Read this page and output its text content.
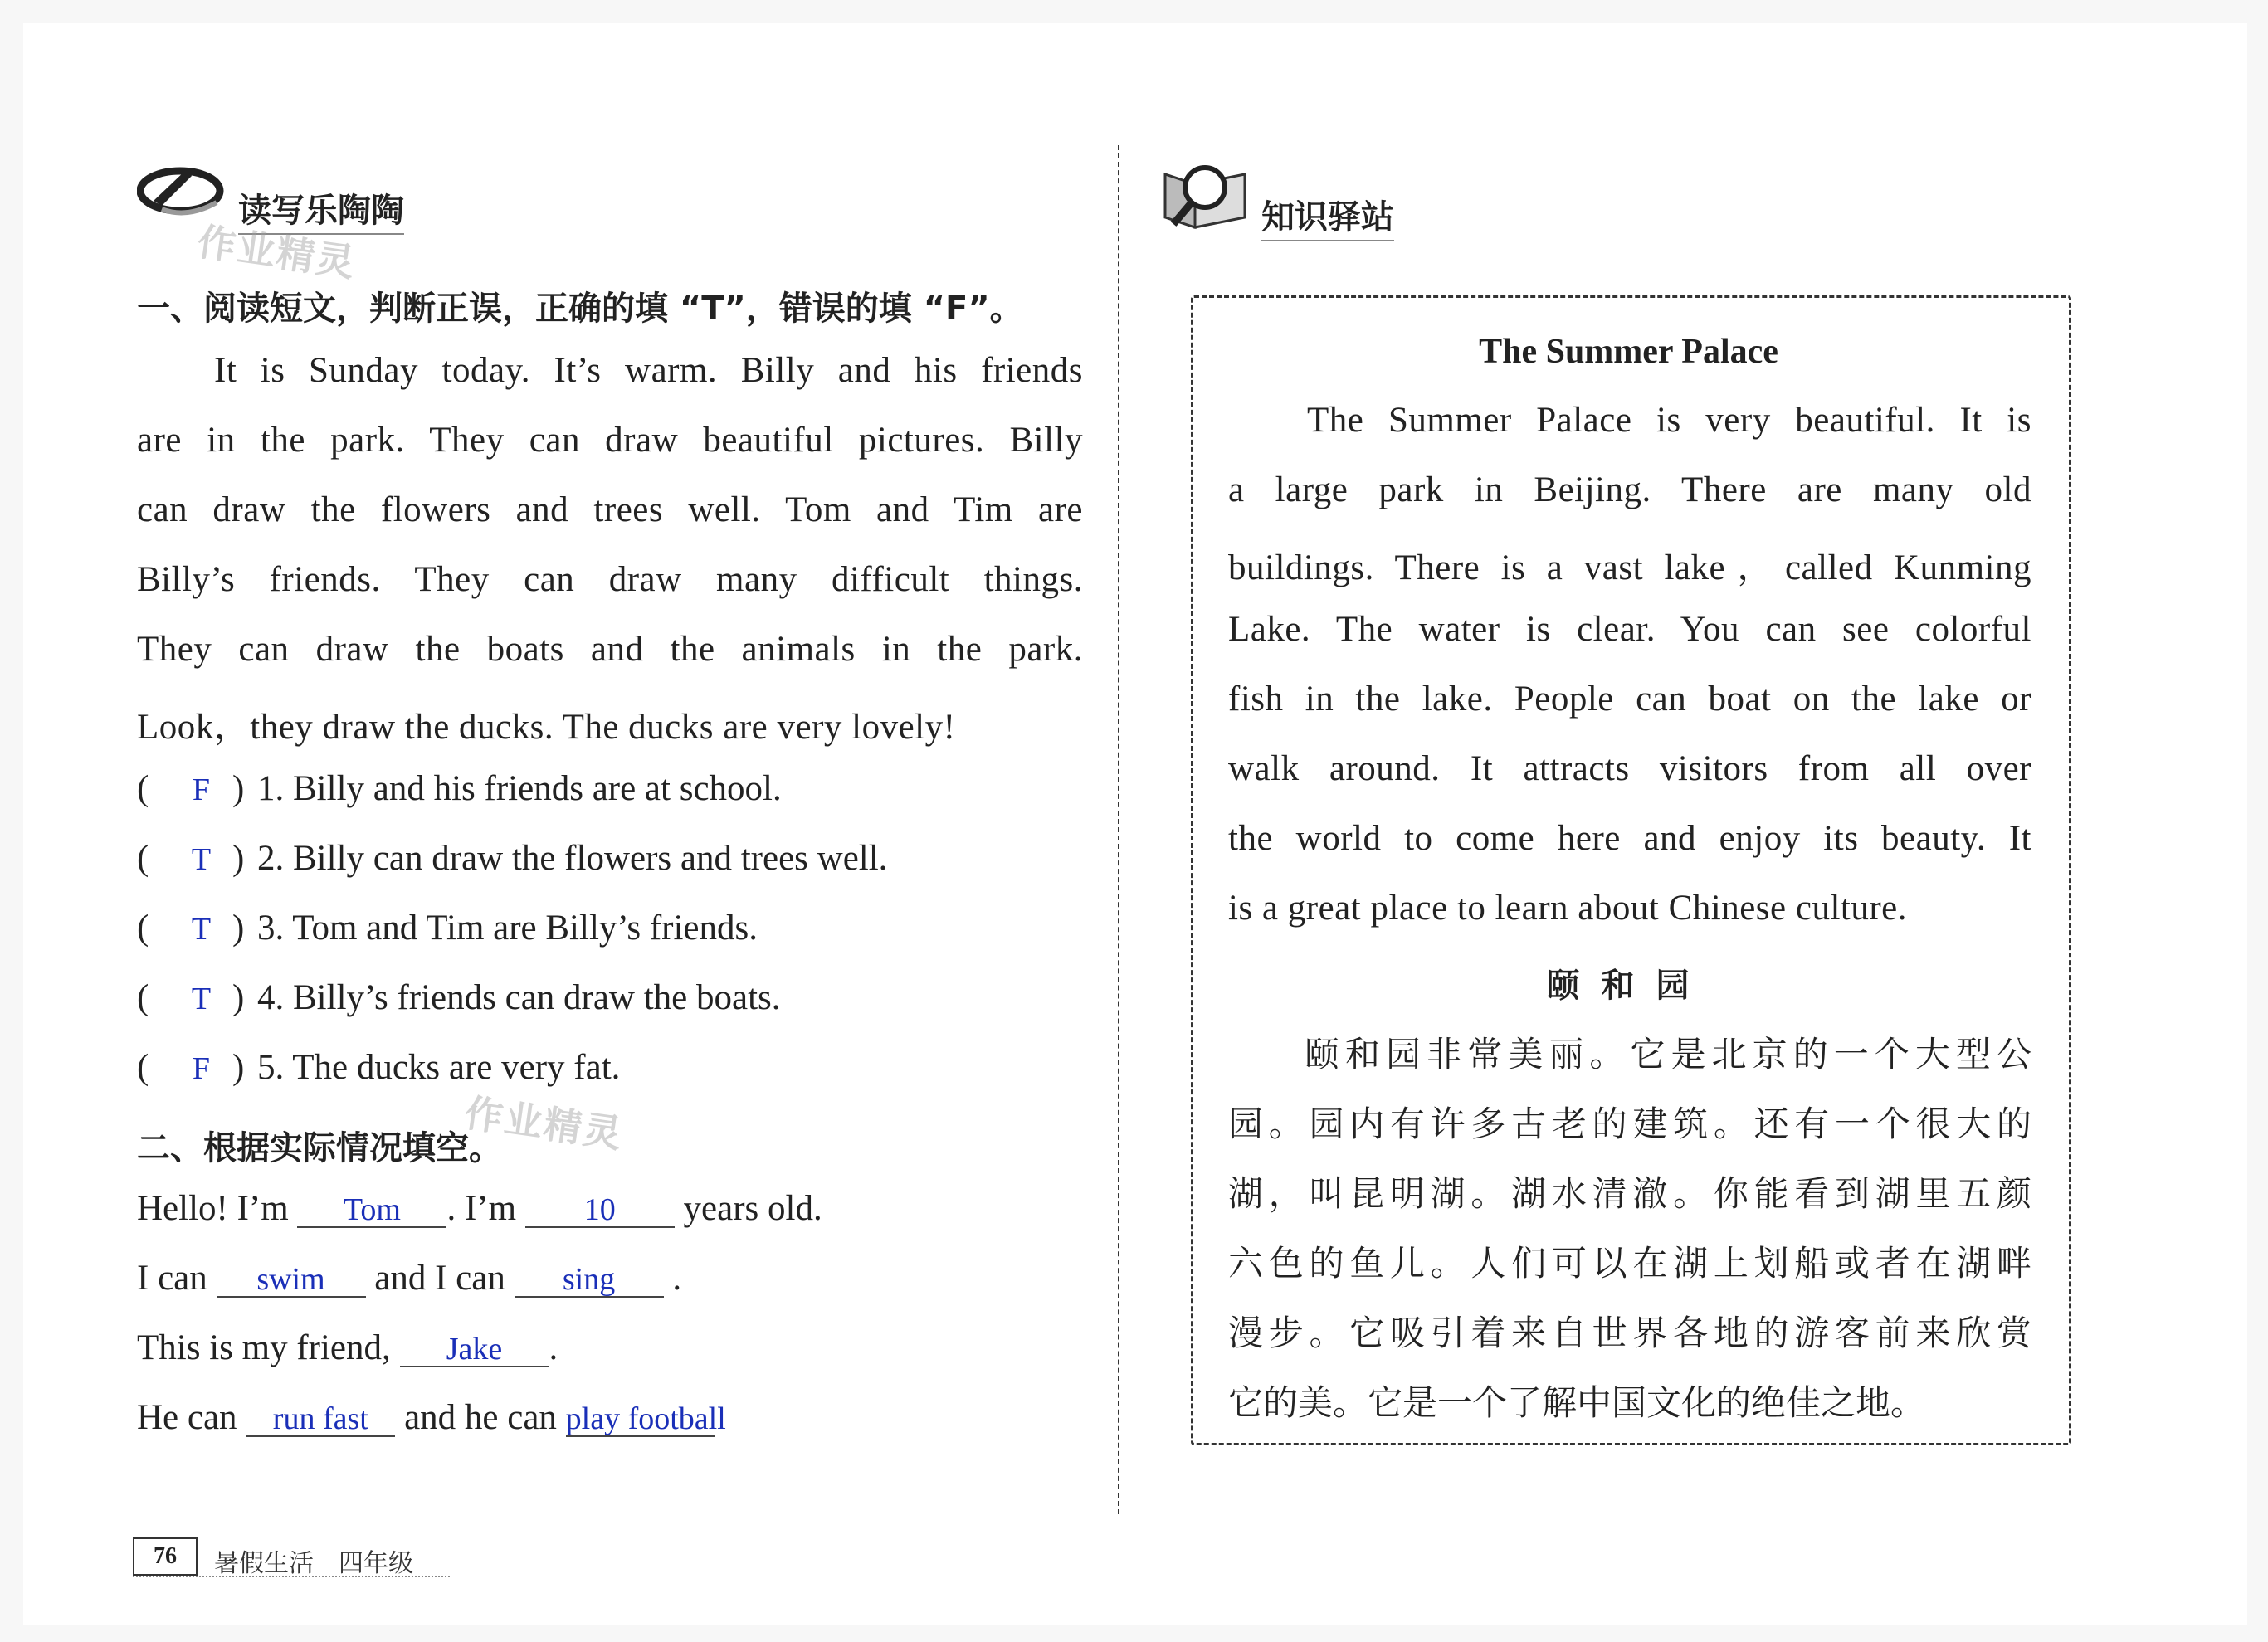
读写乐陶陶
作业精灵
一、阅读短文，判断正误，正确的填 “T”，错误的填 “F”。
It is Sunday today. It’s warm. Billy and his friends
are in the park. They can draw beautiful pictures. Billy
can draw the flowers and trees well. Tom and Tim are
Billy’s friends. They can draw many difficult things.
They can draw the boats and the animals in the park.
Look，they draw the ducks. The ducks are very lovely!
( F ) 1. Billy and his friends are at school.
( T ) 2. Billy can draw the flowers and trees well.
( T ) 3. Tom and Tim are Billy’s friends.
( T ) 4. Billy’s friends can draw the boats.
( F ) 5. The ducks are very fat.
二、根据实际情况填空。
作业精灵
Hello! I’m Tom . I’m 10 years old.
I can swim and I can sing .
This is my friend, Jake .
He can run fast and he can play football
知识驿站
The Summer Palace
The Summer Palace is very beautiful. It is
a large park in Beijing. There are many old
buildings. There is a vast lake，called Kunming
Lake. The water is clear. You can see colorful
fish in the lake. People can boat on the lake or
walk around. It attracts visitors from all over
the world to come here and enjoy its beauty. It
is a great place to learn about Chinese culture.
颐和园
颐和园非常美丽。它是北京的一个大型公
园。园内有许多古老的建筑。还有一个很大的
湖，叫昆明湖。湖水清澈。你能看到湖里五颜
六色的鱼儿。人们可以在湖上划船或者在湖畔
漫步。它吸引着来自世界各地的游客前来欣赏
它的美。它是一个了解中国文化的绝佳之地。
76	暑假生活　四年级
